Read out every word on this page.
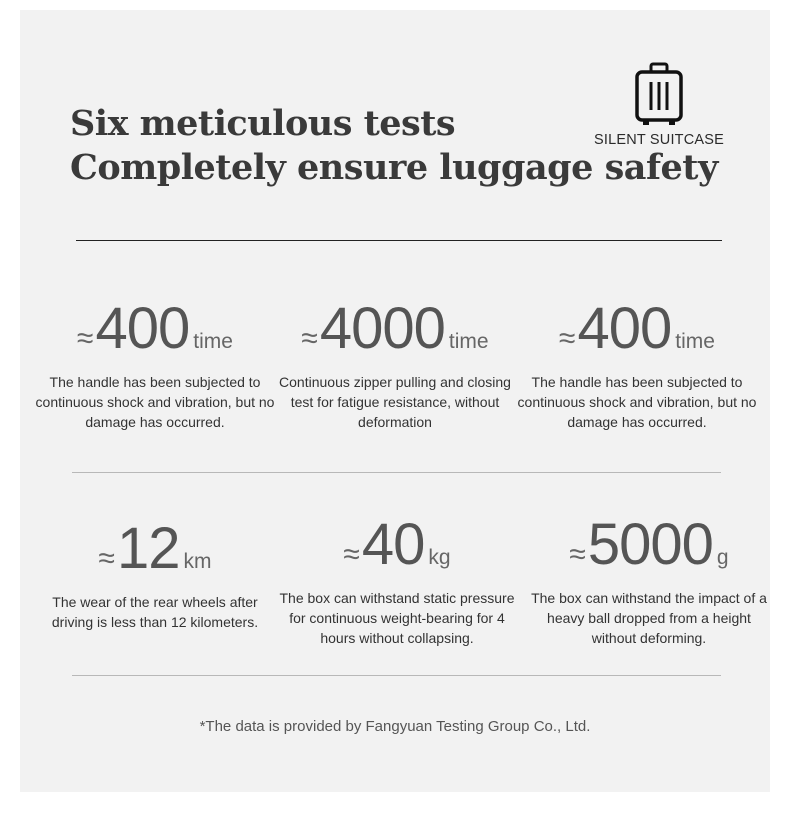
Six meticulous tests
Completely ensure luggage safety
SILENT SUITCASE
≈400 time
The handle has been subjected to continuous shock and vibration, but no damage has occurred.
≈4000 time
Continuous zipper pulling and closing test for fatigue resistance, without deformation
≈400 time
The handle has been subjected to continuous shock and vibration, but no damage has occurred.
≈12 km
The wear of the rear wheels after driving is less than 12 kilometers.
≈40 kg
The box can withstand static pressure for continuous weight-bearing for 4 hours without collapsing.
≈5000 g
The box can withstand the impact of a heavy ball dropped from a height without deforming.
*The data is provided by Fangyuan Testing Group Co., Ltd.
